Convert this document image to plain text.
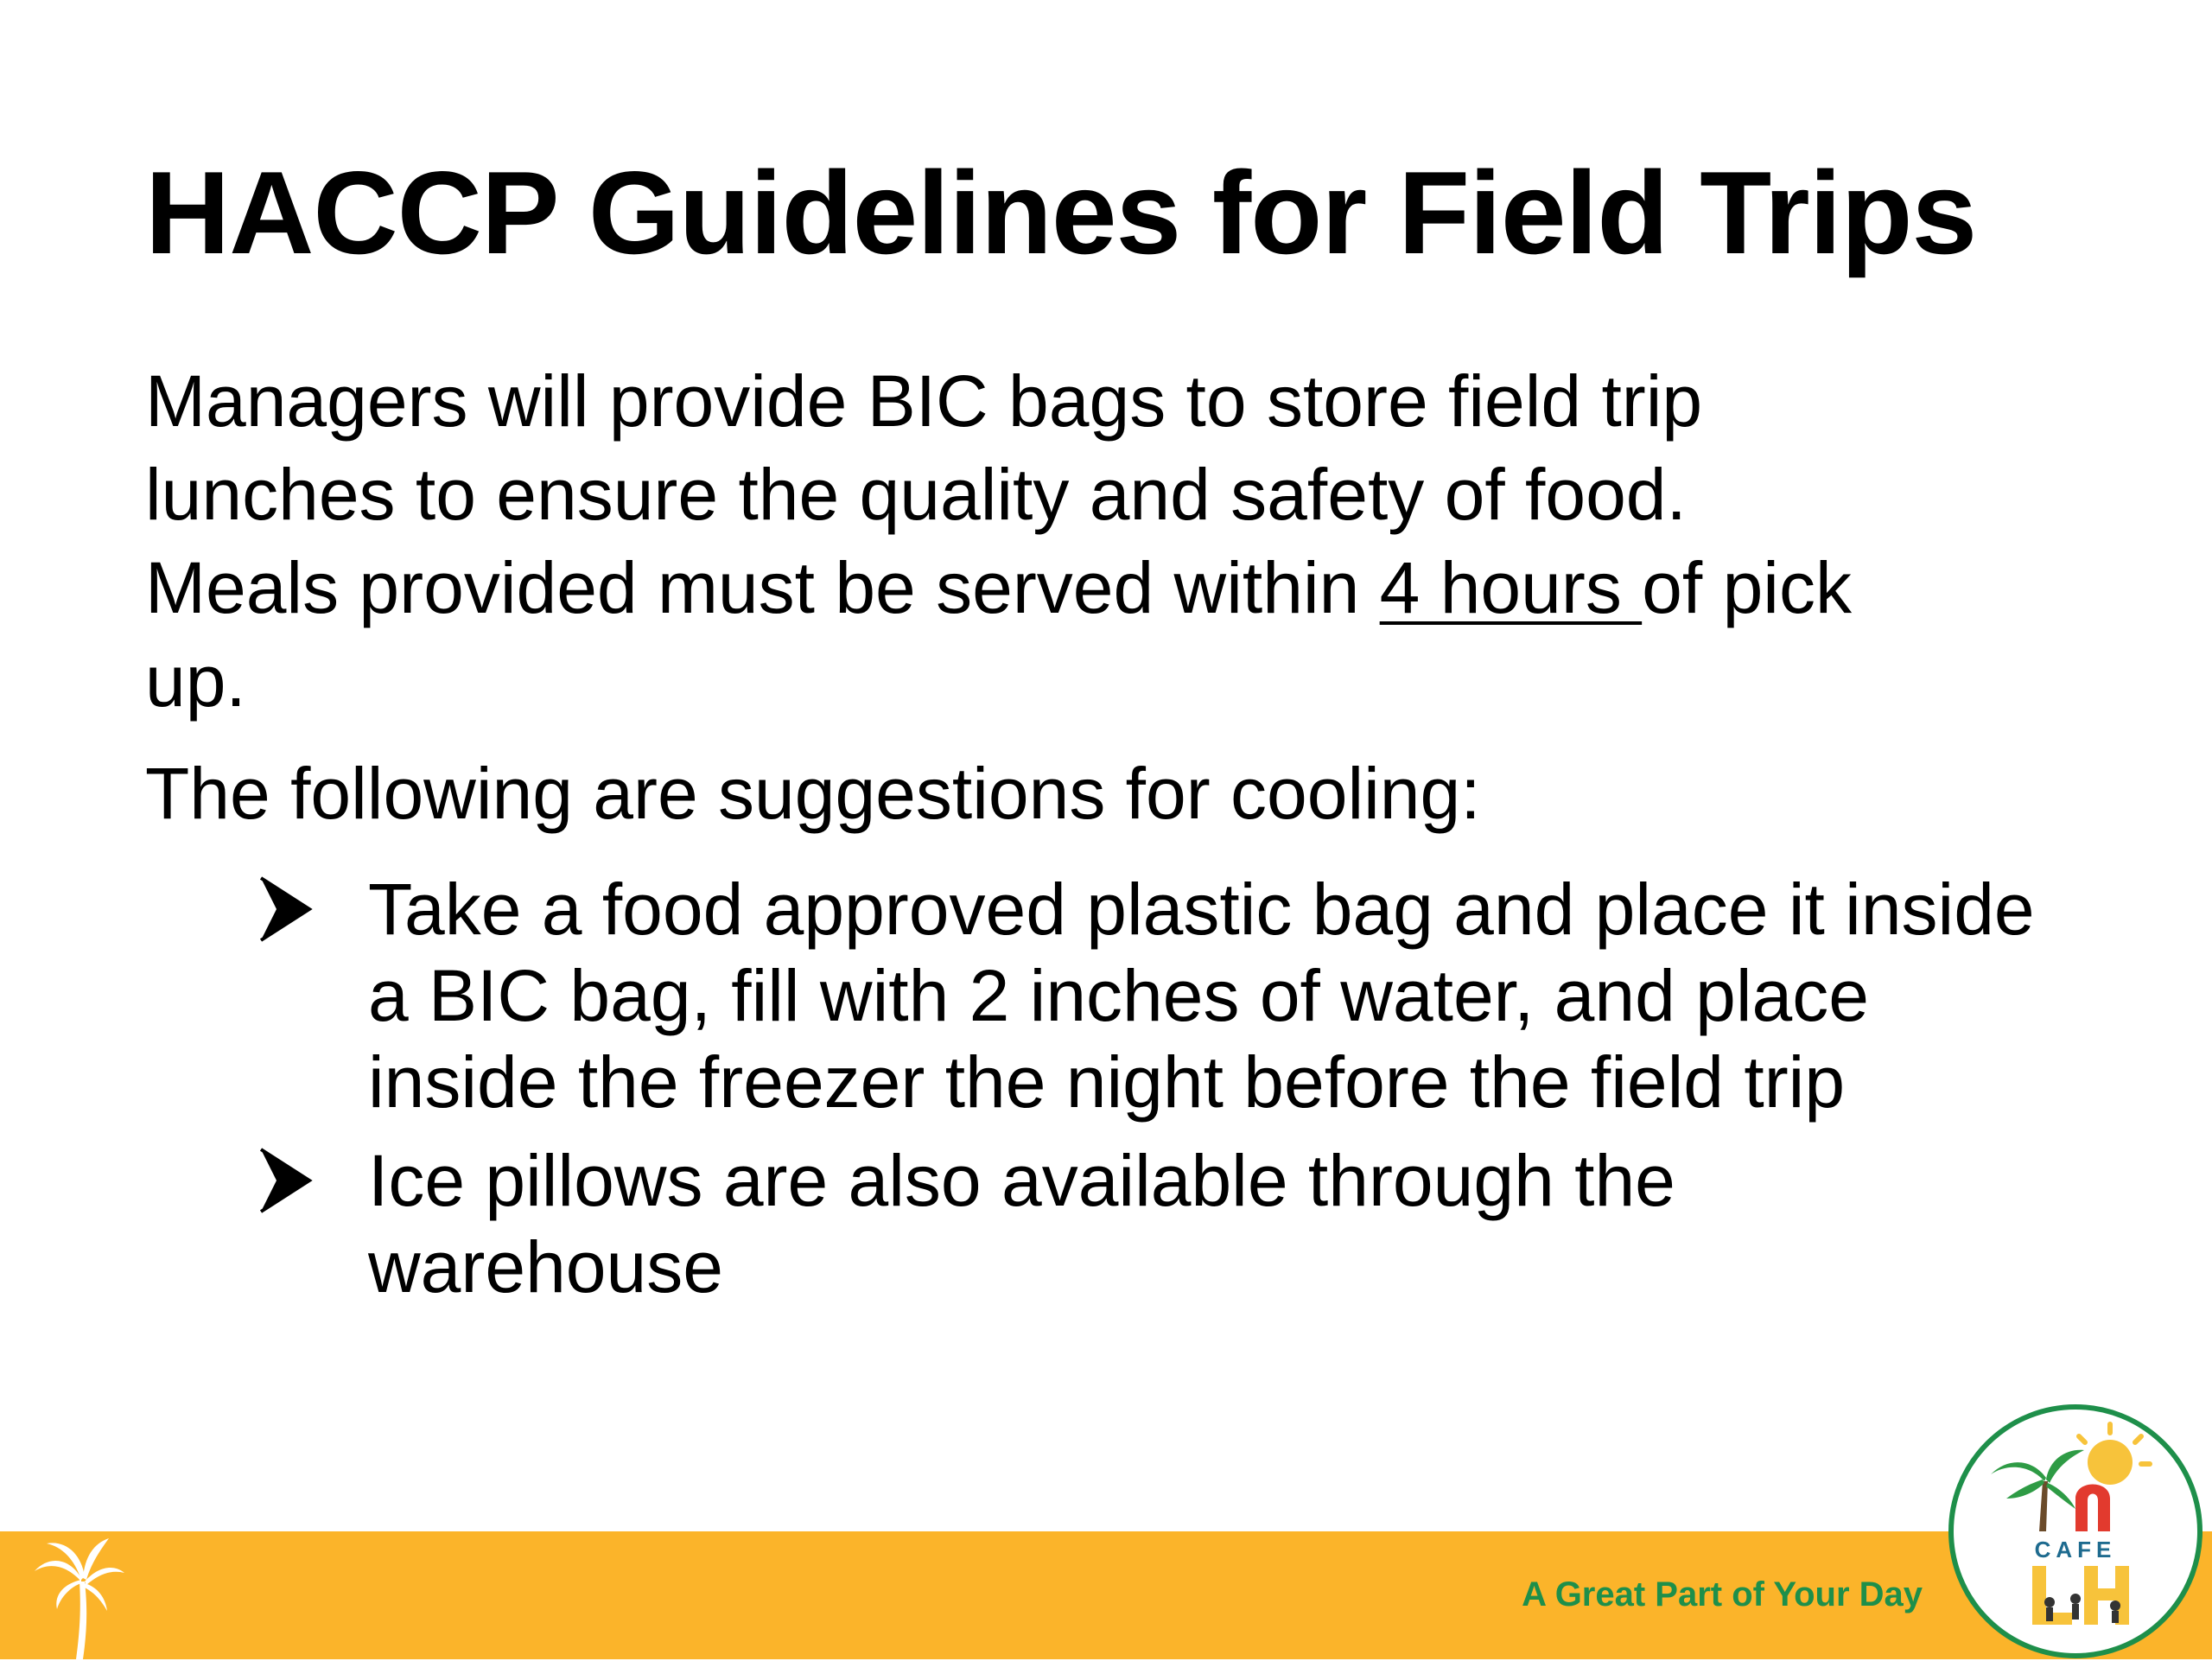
HACCP Guidelines for Field Trips

Managers will provide BIC bags to store field trip
lunches to ensure the quality and safety of food.
Meals provided must be served within 4 hours of pick
up.

The following are suggestions for cooling:

Take a food approved plastic bag and place it inside
a BIC bag, fill with 2 inches of water, and place
inside the freezer the night before the field trip
Ice pillows are also available through the
warehouse
A Great Part of Your Day
CAFE
